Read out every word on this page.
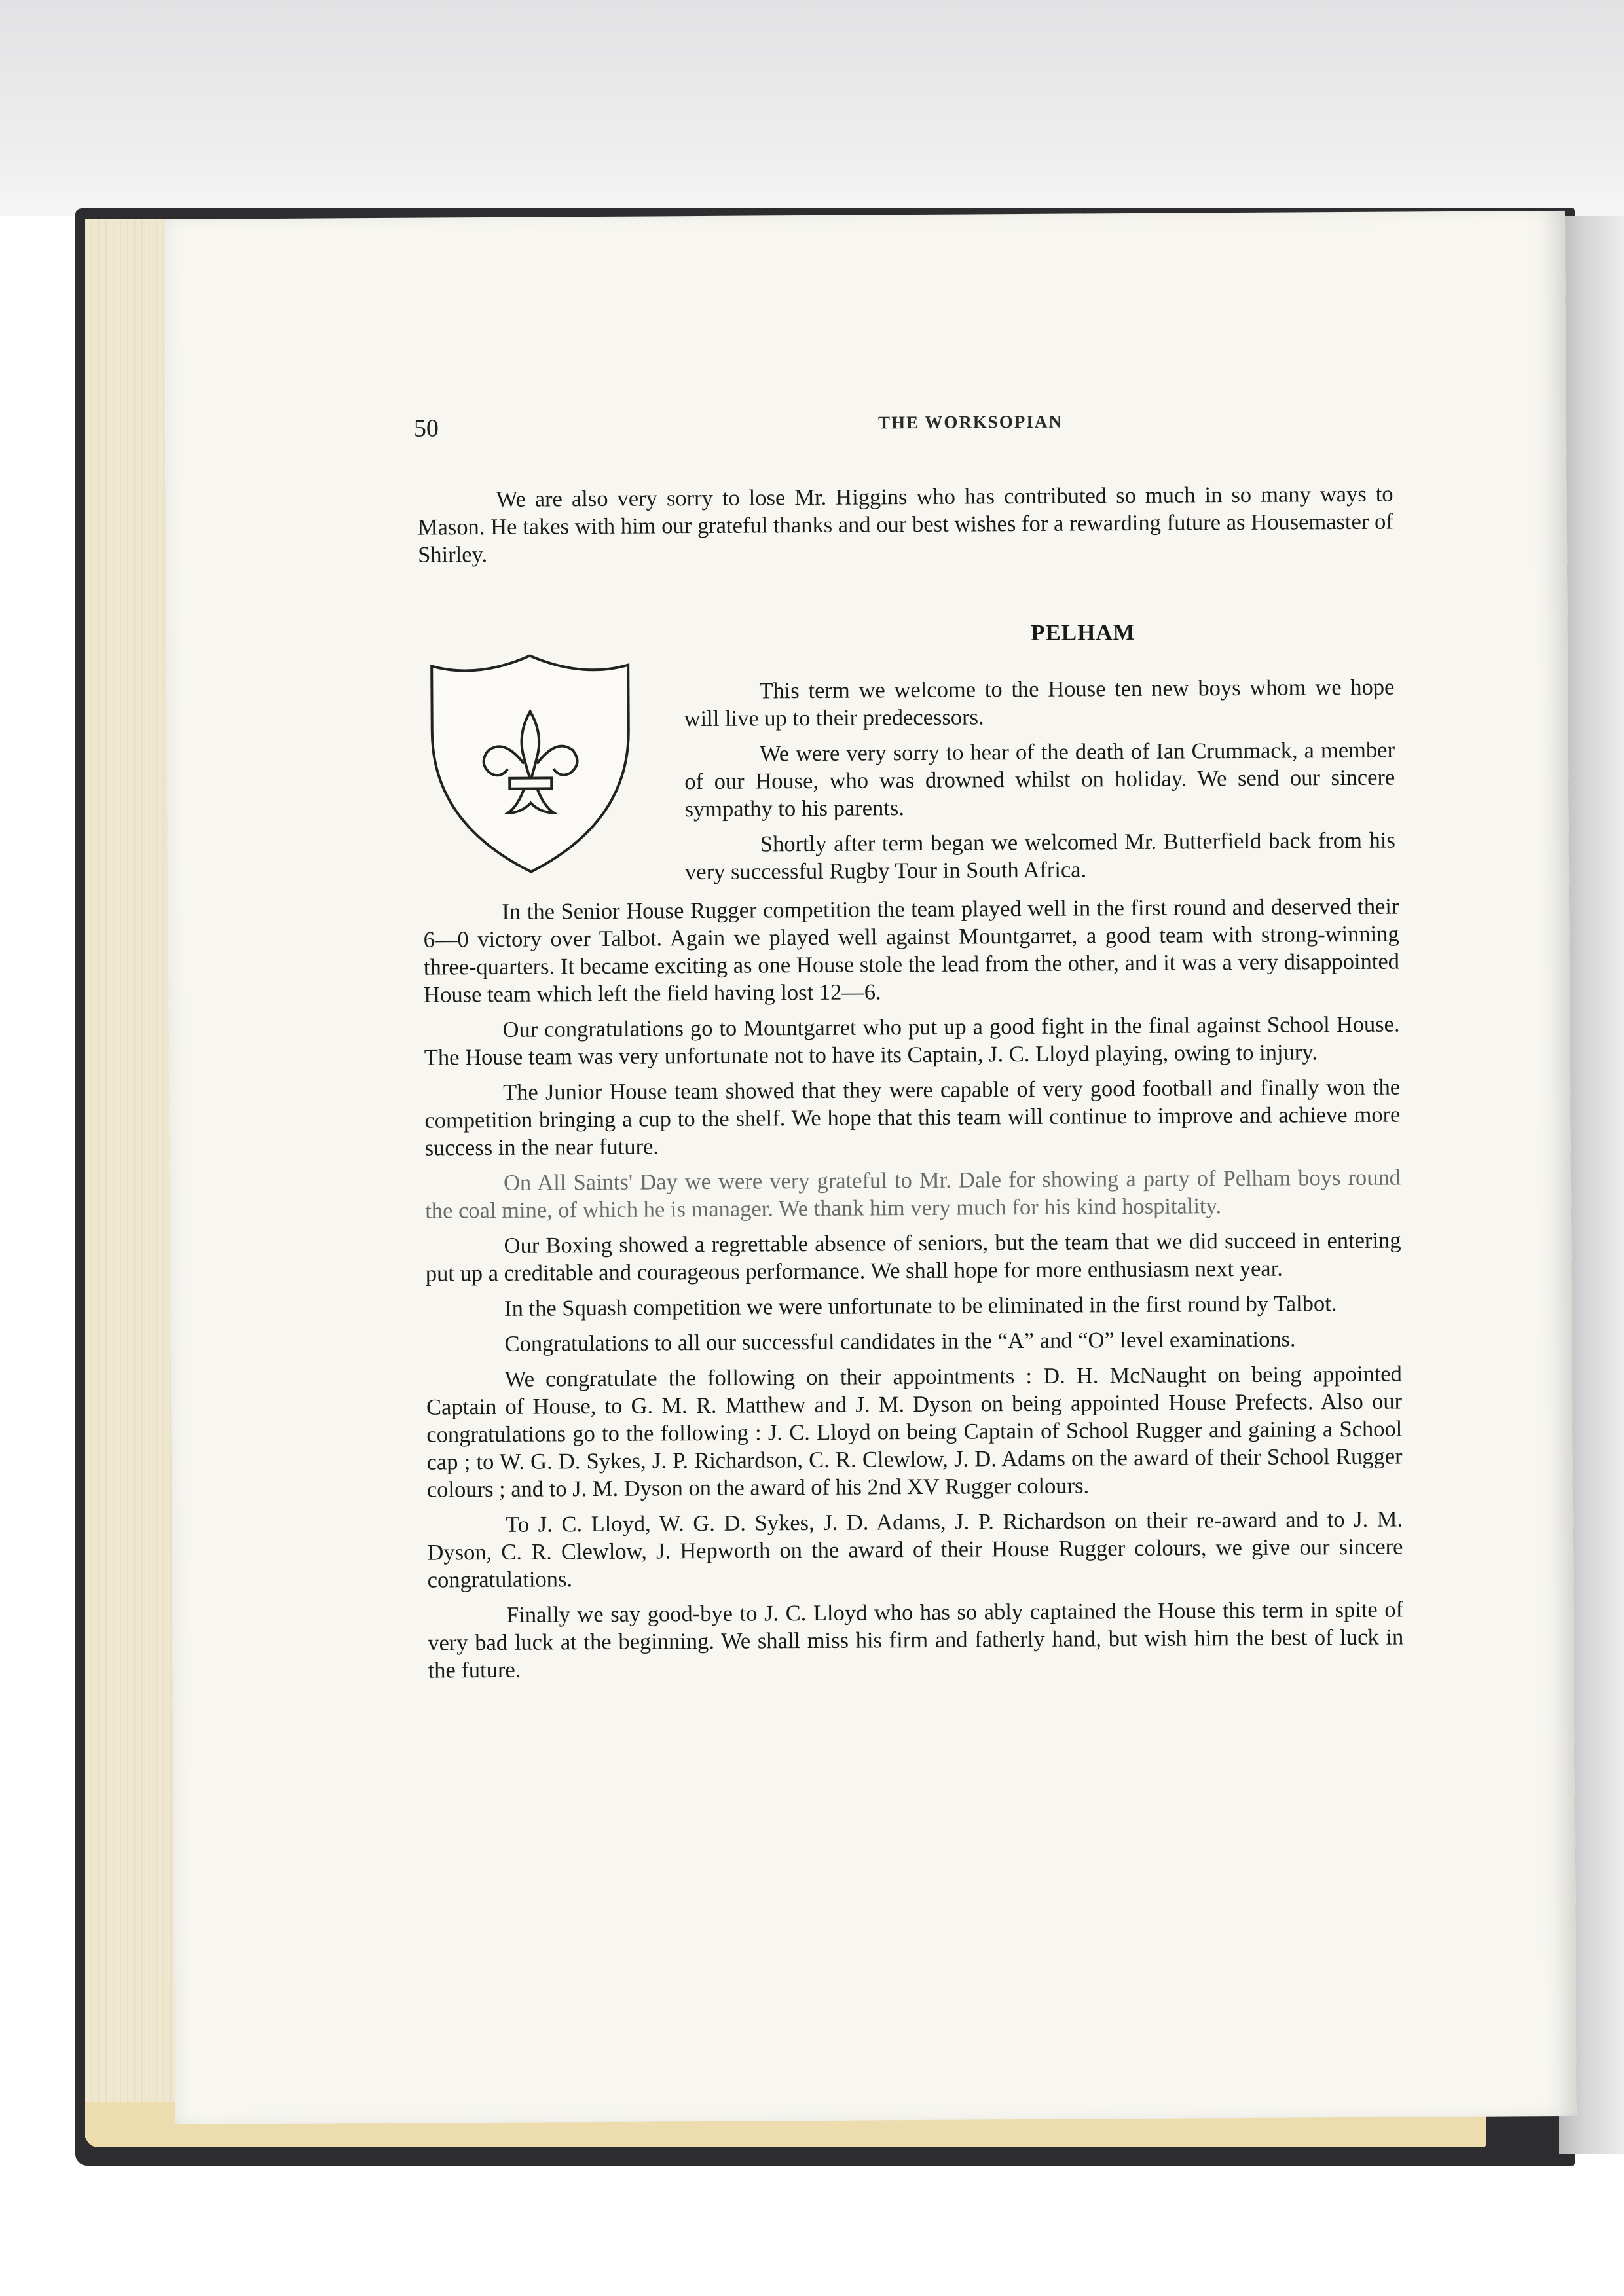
50	THE WORKSOPIAN

We are also very sorry to lose Mr. Higgins who has contributed so much in so many ways to Mason. He takes with him our grateful thanks and our best wishes for a rewarding future as Housemaster of Shirley.

PELHAM

This term we welcome to the House ten new boys whom we hope will live up to their predecessors.

We were very sorry to hear of the death of Ian Crummack, a member of our House, who was drowned whilst on holiday. We send our sincere sympathy to his parents.

Shortly after term began we welcomed Mr. Butterfield back from his very successful Rugby Tour in South Africa.

In the Senior House Rugger competition the team played well in the first round and deserved their 6—0 victory over Talbot. Again we played well against Mountgarret, a good team with strong-winning three-quarters. It became exciting as one House stole the lead from the other, and it was a very disappointed House team which left the field having lost 12—6.

Our congratulations go to Mountgarret who put up a good fight in the final against School House. The House team was very unfortunate not to have its Captain, J. C. Lloyd playing, owing to injury.

The Junior House team showed that they were capable of very good football and finally won the competition bringing a cup to the shelf. We hope that this team will continue to improve and achieve more success in the near future.

On All Saints' Day we were very grateful to Mr. Dale for showing a party of Pelham boys round the coal mine, of which he is manager. We thank him very much for his kind hospitality.

Our Boxing showed a regrettable absence of seniors, but the team that we did succeed in entering put up a creditable and courageous performance. We shall hope for more enthusiasm next year.

In the Squash competition we were unfortunate to be eliminated in the first round by Talbot.

Congratulations to all our successful candidates in the “A” and “O” level examinations.

We congratulate the following on their appointments : D. H. McNaught on being appointed Captain of House, to G. M. R. Matthew and J. M. Dyson on being appointed House Prefects. Also our congratulations go to the following : J. C. Lloyd on being Captain of School Rugger and gaining a School cap ; to W. G. D. Sykes, J. P. Richardson, C. R. Clewlow, J. D. Adams on the award of their School Rugger colours ; and to J. M. Dyson on the award of his 2nd XV Rugger colours.

To J. C. Lloyd, W. G. D. Sykes, J. D. Adams, J. P. Richardson on their re-award and to J. M. Dyson, C. R. Clewlow, J. Hepworth on the award of their House Rugger colours, we give our sincere congratulations.

Finally we say good-bye to J. C. Lloyd who has so ably captained the House this term in spite of very bad luck at the beginning. We shall miss his firm and fatherly hand, but wish him the best of luck in the future.
